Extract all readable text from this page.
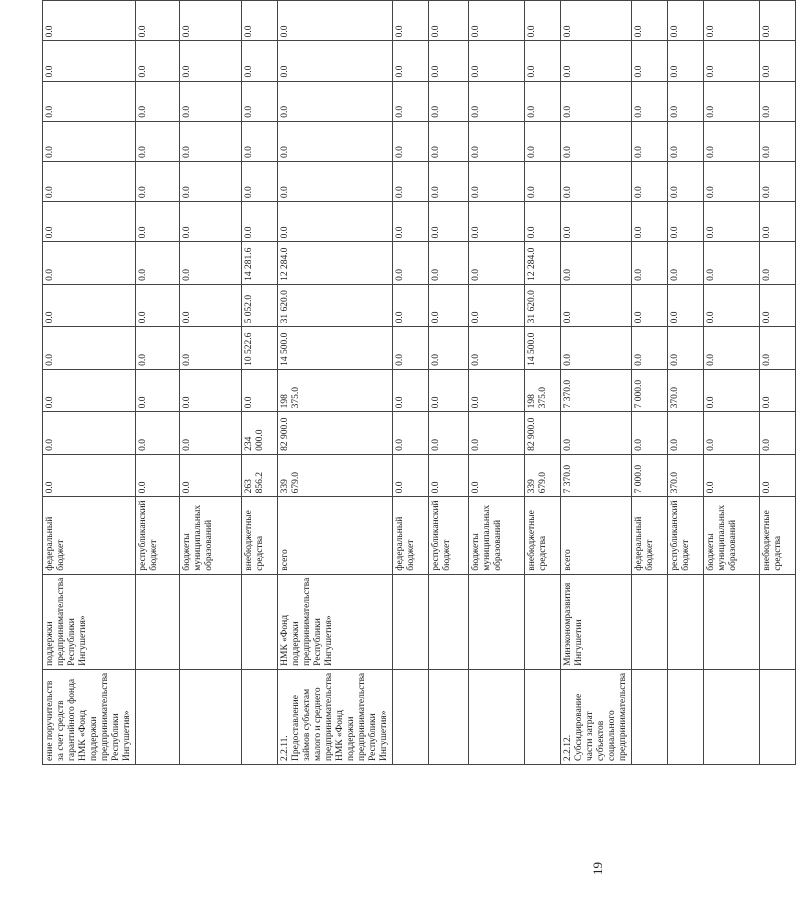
19
ение поручительств за счет средств гарантийного фонда НМК «Фонд поддержки предпринимательства Республики Ингушетия»	поддержки предпринимательства Республики Ингушетия»	федеральный бюджет	0.0	0.0	0.0	0.0	0.0	0.0	0.0	0.0	0.0	0.0	0.0	0.0
		республиканский бюджет	0.0	0.0	0.0	0.0	0.0	0.0	0.0	0.0	0.0	0.0	0.0	0.0
		бюджеты муниципальных образований	0.0	0.0	0.0	0.0	0.0	0.0	0.0	0.0	0.0	0.0	0.0	0.0
		внебюджетные средства	263 856.2	234 000.0	0.0	10 522.6	5 052.0	14 281.6	0.0	0.0	0.0	0.0	0.0	0.0
2.2.11. Предоставление займов субъектам малого и среднего предпринимательства НМК «Фонд поддержки предпринимательства Республики Ингушетия»	НМК «Фонд поддержки предпринимательства Республики Ингушетия»	всего	339 679.0	82 900.0	198 375.0	14 500.0	31 620.0	12 284.0	0.0	0.0	0.0	0.0	0.0	0.0
		федеральный бюджет	0.0	0.0	0.0	0.0	0.0	0.0	0.0	0.0	0.0	0.0	0.0	0.0
		республиканский бюджет	0.0	0.0	0.0	0.0	0.0	0.0	0.0	0.0	0.0	0.0	0.0	0.0
		бюджеты муниципальных образований	0.0	0.0	0.0	0.0	0.0	0.0	0.0	0.0	0.0	0.0	0.0	0.0
		внебюджетные средства	339 679.0	82 900.0	198 375.0	14 500.0	31 620.0	12 284.0	0.0	0.0	0.0	0.0	0.0	0.0
2.2.12. Субсидирование части затрат субъектов социального предпринимательства	Минэкономразвития Ингушетии	всего	7 370.0	0.0	7 370.0	0.0	0.0	0.0	0.0	0.0	0.0	0.0	0.0	0.0
		федеральный бюджет	7 000.0	0.0	7 000.0	0.0	0.0	0.0	0.0	0.0	0.0	0.0	0.0	0.0
		республиканский бюджет	370.0	0.0	370.0	0.0	0.0	0.0	0.0	0.0	0.0	0.0	0.0	0.0
		бюджеты муниципальных образований	0.0	0.0	0.0	0.0	0.0	0.0	0.0	0.0	0.0	0.0	0.0	0.0
		внебюджетные средства	0.0	0.0	0.0	0.0	0.0	0.0	0.0	0.0	0.0	0.0	0.0	0.0
